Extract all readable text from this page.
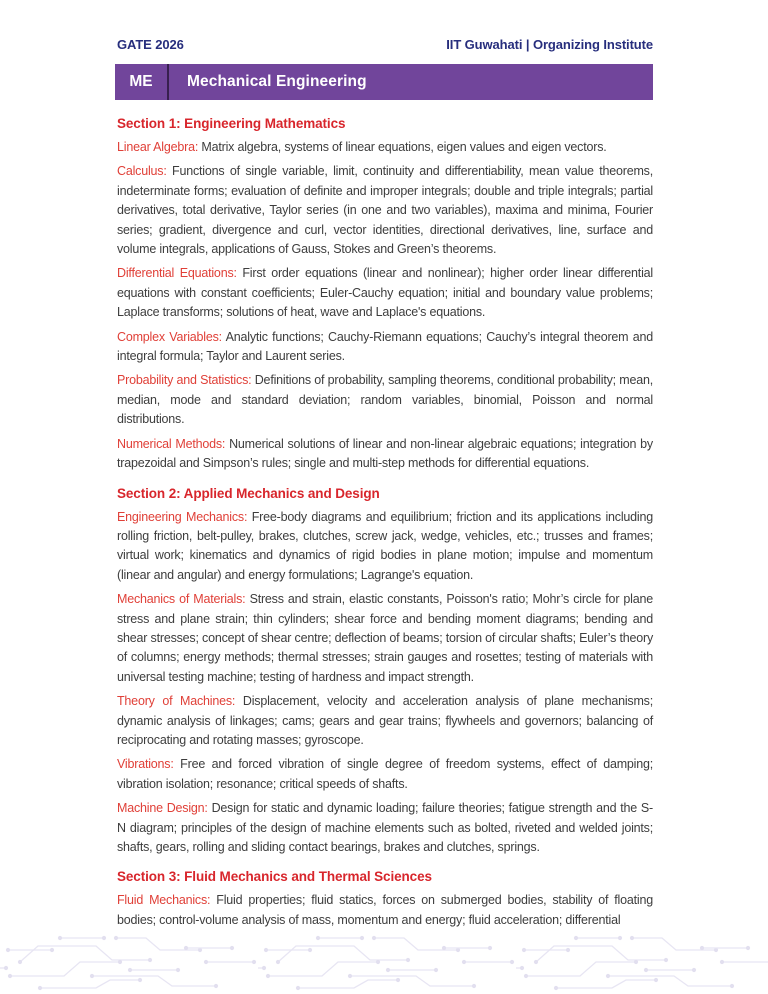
GATE 2026	IIT Guwahati | Organizing Institute
ME	Mechanical Engineering
Section 1: Engineering Mathematics

Linear Algebra: Matrix algebra, systems of linear equations, eigen values and eigen vectors.

Calculus: Functions of single variable, limit, continuity and differentiability, mean value theorems, indeterminate forms; evaluation of definite and improper integrals; double and triple integrals; partial derivatives, total derivative, Taylor series (in one and two variables), maxima and minima, Fourier series; gradient, divergence and curl, vector identities, directional derivatives, line, surface and volume integrals, applications of Gauss, Stokes and Green’s theorems.

Differential Equations: First order equations (linear and nonlinear); higher order linear differential equations with constant coefficients; Euler-Cauchy equation; initial and boundary value problems; Laplace transforms; solutions of heat, wave and Laplace's equations.

Complex Variables: Analytic functions; Cauchy-Riemann equations; Cauchy’s integral theorem and integral formula; Taylor and Laurent series.

Probability and Statistics: Definitions of probability, sampling theorems, conditional probability; mean, median, mode and standard deviation; random variables, binomial, Poisson and normal distributions.

Numerical Methods: Numerical solutions of linear and non-linear algebraic equations; integration by trapezoidal and Simpson’s rules; single and multi-step methods for differential equations.

Section 2: Applied Mechanics and Design

Engineering Mechanics: Free-body diagrams and equilibrium; friction and its applications including rolling friction, belt-pulley, brakes, clutches, screw jack, wedge, vehicles, etc.; trusses and frames; virtual work; kinematics and dynamics of rigid bodies in plane motion; impulse and momentum (linear and angular) and energy formulations; Lagrange's equation.

Mechanics of Materials: Stress and strain, elastic constants, Poisson's ratio; Mohr’s circle for plane stress and plane strain; thin cylinders; shear force and bending moment diagrams; bending and shear stresses; concept of shear centre; deflection of beams; torsion of circular shafts; Euler’s theory of columns; energy methods; thermal stresses; strain gauges and rosettes; testing of materials with universal testing machine; testing of hardness and impact strength.

Theory of Machines: Displacement, velocity and acceleration analysis of plane mechanisms; dynamic analysis of linkages; cams; gears and gear trains; flywheels and governors; balancing of reciprocating and rotating masses; gyroscope.

Vibrations: Free and forced vibration of single degree of freedom systems, effect of damping; vibration isolation; resonance; critical speeds of shafts.

Machine Design: Design for static and dynamic loading; failure theories; fatigue strength and the S-N diagram; principles of the design of machine elements such as bolted, riveted and welded joints; shafts, gears, rolling and sliding contact bearings, brakes and clutches, springs.

Section 3: Fluid Mechanics and Thermal Sciences

Fluid Mechanics: Fluid properties; fluid statics, forces on submerged bodies, stability of floating bodies; control-volume analysis of mass, momentum and energy; fluid acceleration; differential
